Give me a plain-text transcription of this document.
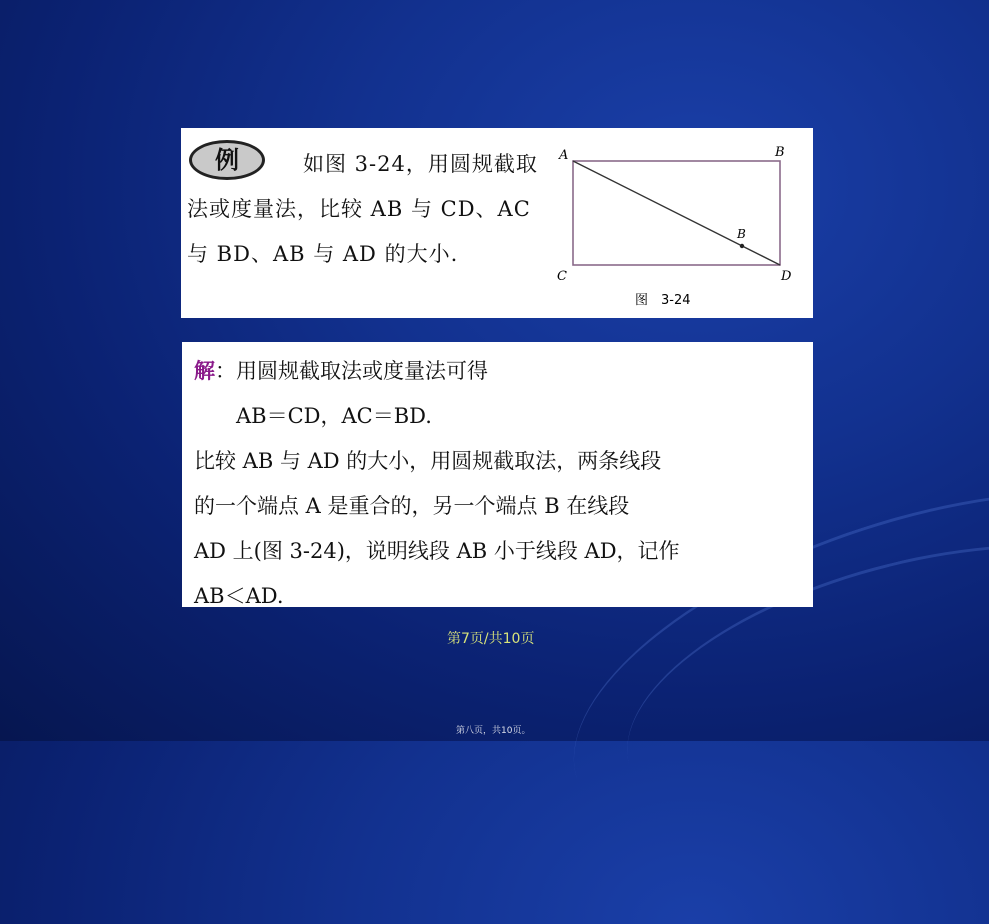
例	如图 3-24，用圆规截取法或度量法，比较 AB 与 CD、AC 与 BD、AB 与 AD 的大小.
A	B
C	D
B
图　3-24
解：用圆规截取法或度量法可得
AB＝CD，AC＝BD.
比较 AB 与 AD 的大小，用圆规截取法，两条线段
的一个端点 A 是重合的，另一个端点 B 在线段
AD 上(图 3-24)，说明线段 AB 小于线段 AD，记作
AB＜AD.
第7页/共10页
第八页，共10页。
